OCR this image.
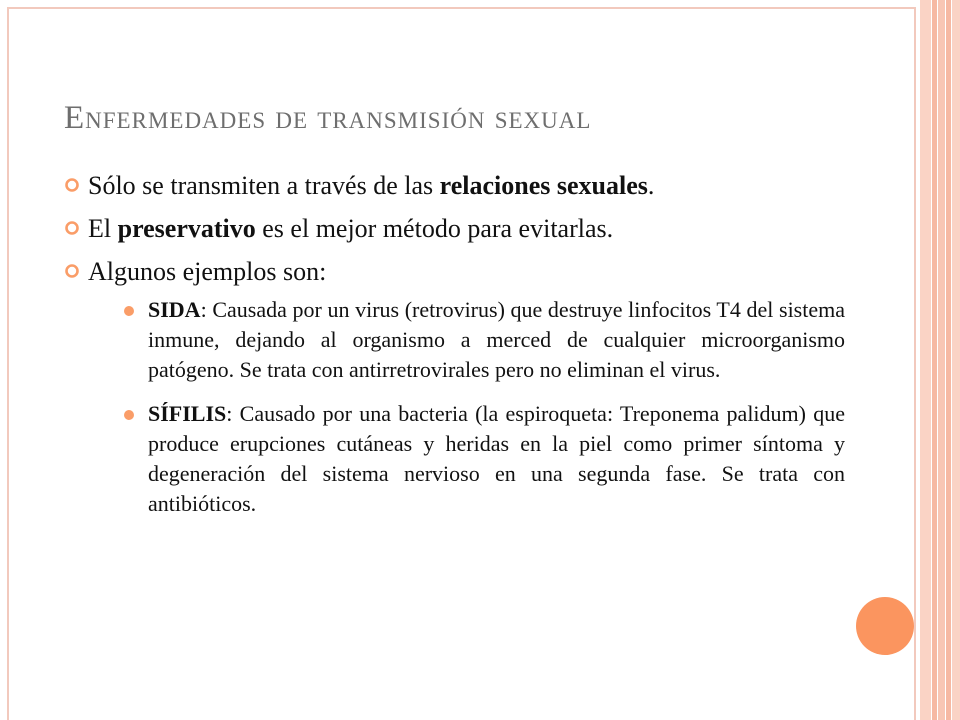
Enfermedades de transmisión sexual
Sólo se transmiten a través de las relaciones sexuales.
El preservativo es el mejor método para evitarlas.
Algunos ejemplos son:
SIDA: Causada por un virus (retrovirus) que destruye linfocitos T4 del sistema inmune, dejando al organismo a merced de cualquier microorganismo patógeno. Se trata con antirretrovirales pero no eliminan el virus.
SÍFILIS: Causado por una bacteria (la espiroqueta: Treponema palidum) que produce erupciones cutáneas y heridas en la piel como primer síntoma y degeneración del sistema nervioso en una segunda fase. Se trata con antibióticos.
